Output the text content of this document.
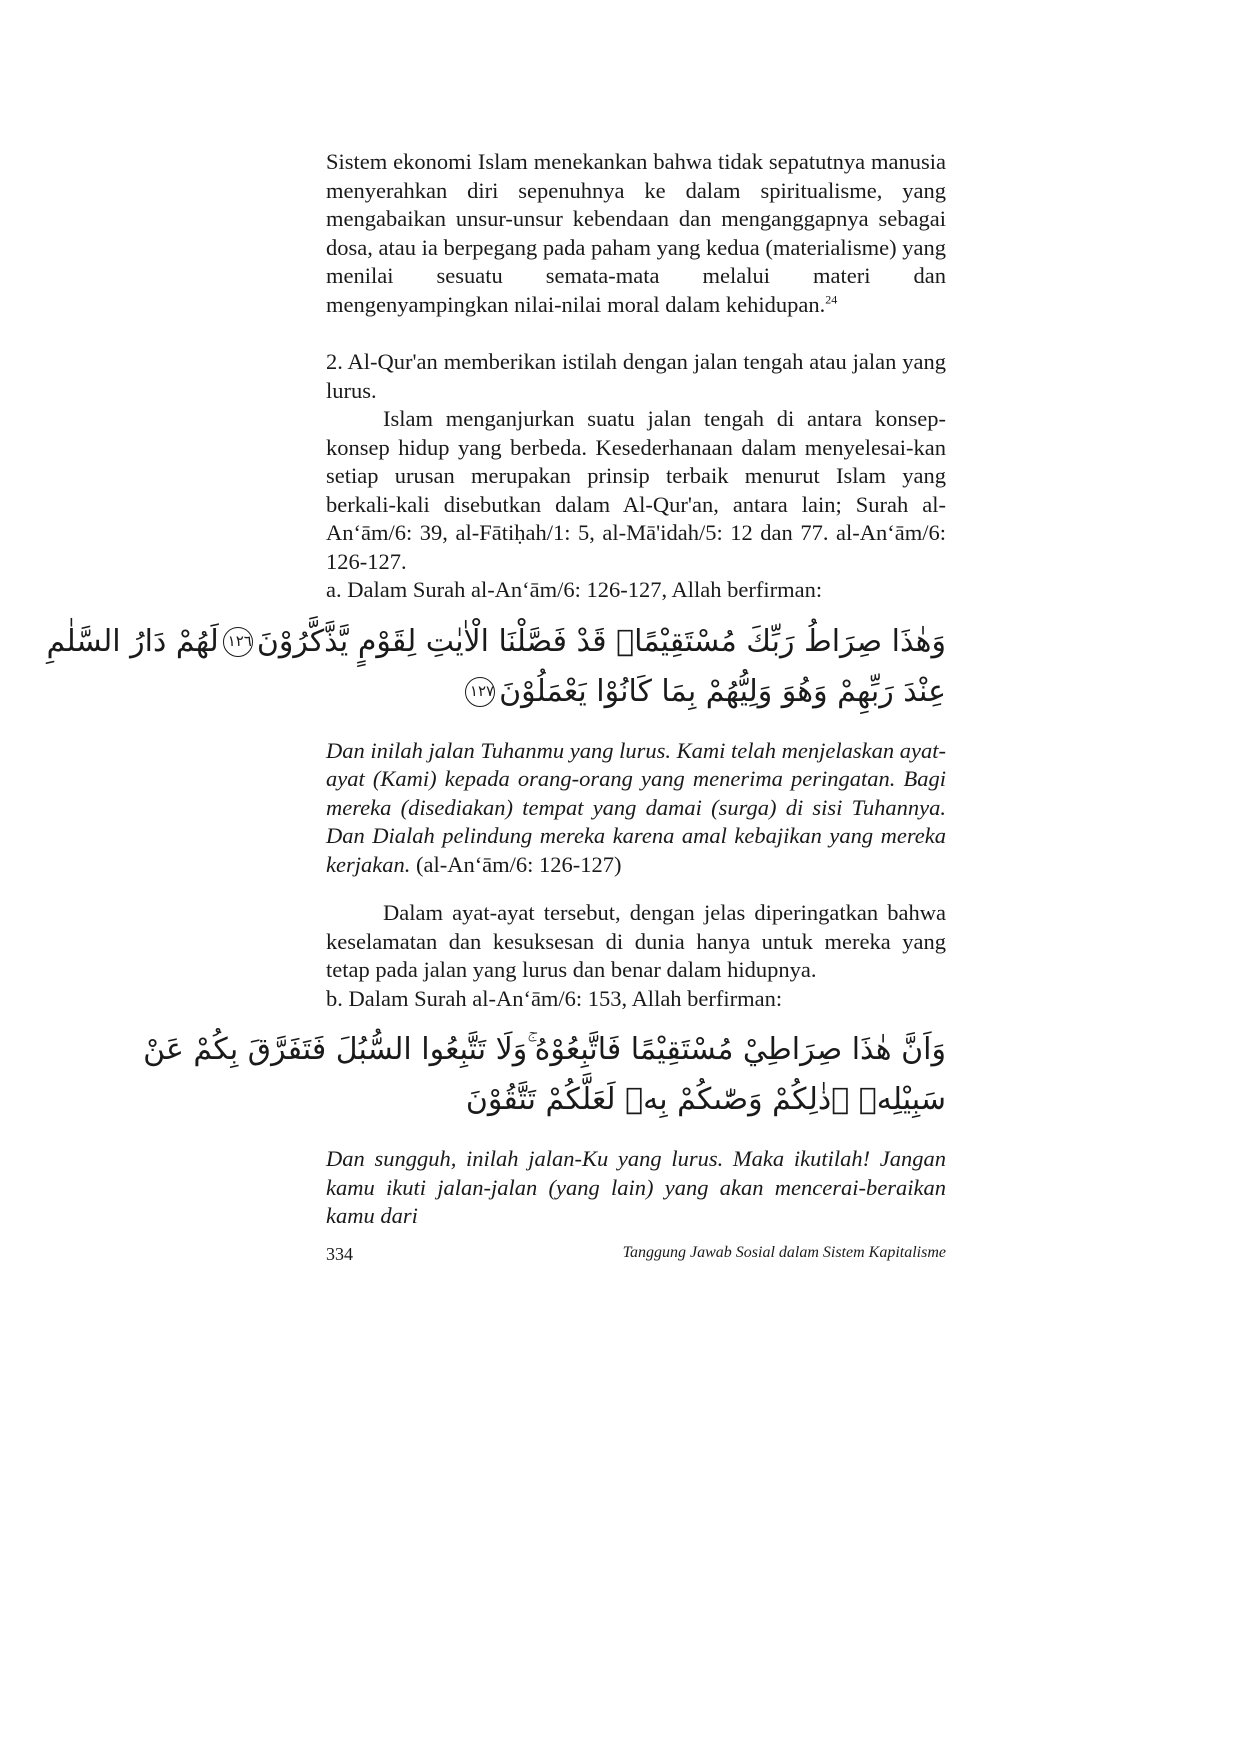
Sistem ekonomi Islam menekankan bahwa tidak sepatutnya manusia menyerahkan diri sepenuhnya ke dalam spiritualisme, yang mengabaikan unsur-unsur kebendaan dan menganggapnya sebagai dosa, atau ia berpegang pada paham yang kedua (materialisme) yang menilai sesuatu semata-mata melalui materi dan mengenyampingkan nilai-nilai moral dalam kehidupan.$^{24}$

2. Al-Qur'an memberikan istilah dengan jalan tengah atau jalan yang lurus.

Islam menganjurkan suatu jalan tengah di antara konsep-konsep hidup yang berbeda. Kesederhanaan dalam menyelesai-kan setiap urusan merupakan prinsip terbaik menurut Islam yang berkali-kali disebutkan dalam Al-Qur'an, antara lain; Surah al-An‘ām/6: 39, al-Fātiḥah/1: 5, al-Mā'idah/5: 12 dan 77. al-An‘ām/6: 126-127.

a. Dalam Surah al-An‘ām/6: 126-127, Allah berfirman:

وَهٰذَا صِرَاطُ رَبِّكَ مُسْتَقِيْمًاۗ قَدْ فَصَّلْنَا الْاٰيٰتِ لِقَوْمٍ يَّذَّكَّرُوْنَ١٢٦لَهُمْ دَارُ السَّلٰمِ
عِنْدَ رَبِّهِمْ وَهُوَ وَلِيُّهُمْ بِمَا كَانُوْا يَعْمَلُوْنَ١٢٧

Dan inilah jalan Tuhanmu yang lurus. Kami telah menjelaskan ayat-ayat (Kami) kepada orang-orang yang menerima peringatan. Bagi mereka (disediakan) tempat yang damai (surga) di sisi Tuhannya. Dan Dialah pelindung mereka karena amal kebajikan yang mereka kerjakan. (al-An‘ām/6: 126-127)

Dalam ayat-ayat tersebut, dengan jelas diperingatkan bahwa keselamatan dan kesuksesan di dunia hanya untuk mereka yang tetap pada jalan yang lurus dan benar dalam hidupnya.

b. Dalam Surah al-An‘ām/6: 153, Allah berfirman:

وَاَنَّ هٰذَا صِرَاطِيْ مُسْتَقِيْمًا فَاتَّبِعُوْهُ ۚوَلَا تَتَّبِعُوا السُّبُلَ فَتَفَرَّقَ بِكُمْ عَنْ
سَبِيْلِهٖ ۗذٰلِكُمْ وَصّٰىكُمْ بِهٖ لَعَلَّكُمْ تَتَّقُوْنَ

Dan sungguh, inilah jalan-Ku yang lurus. Maka ikutilah! Jangan kamu ikuti jalan-jalan (yang lain) yang akan mencerai-beraikan kamu dari

334	Tanggung Jawab Sosial dalam Sistem Kapitalisme
